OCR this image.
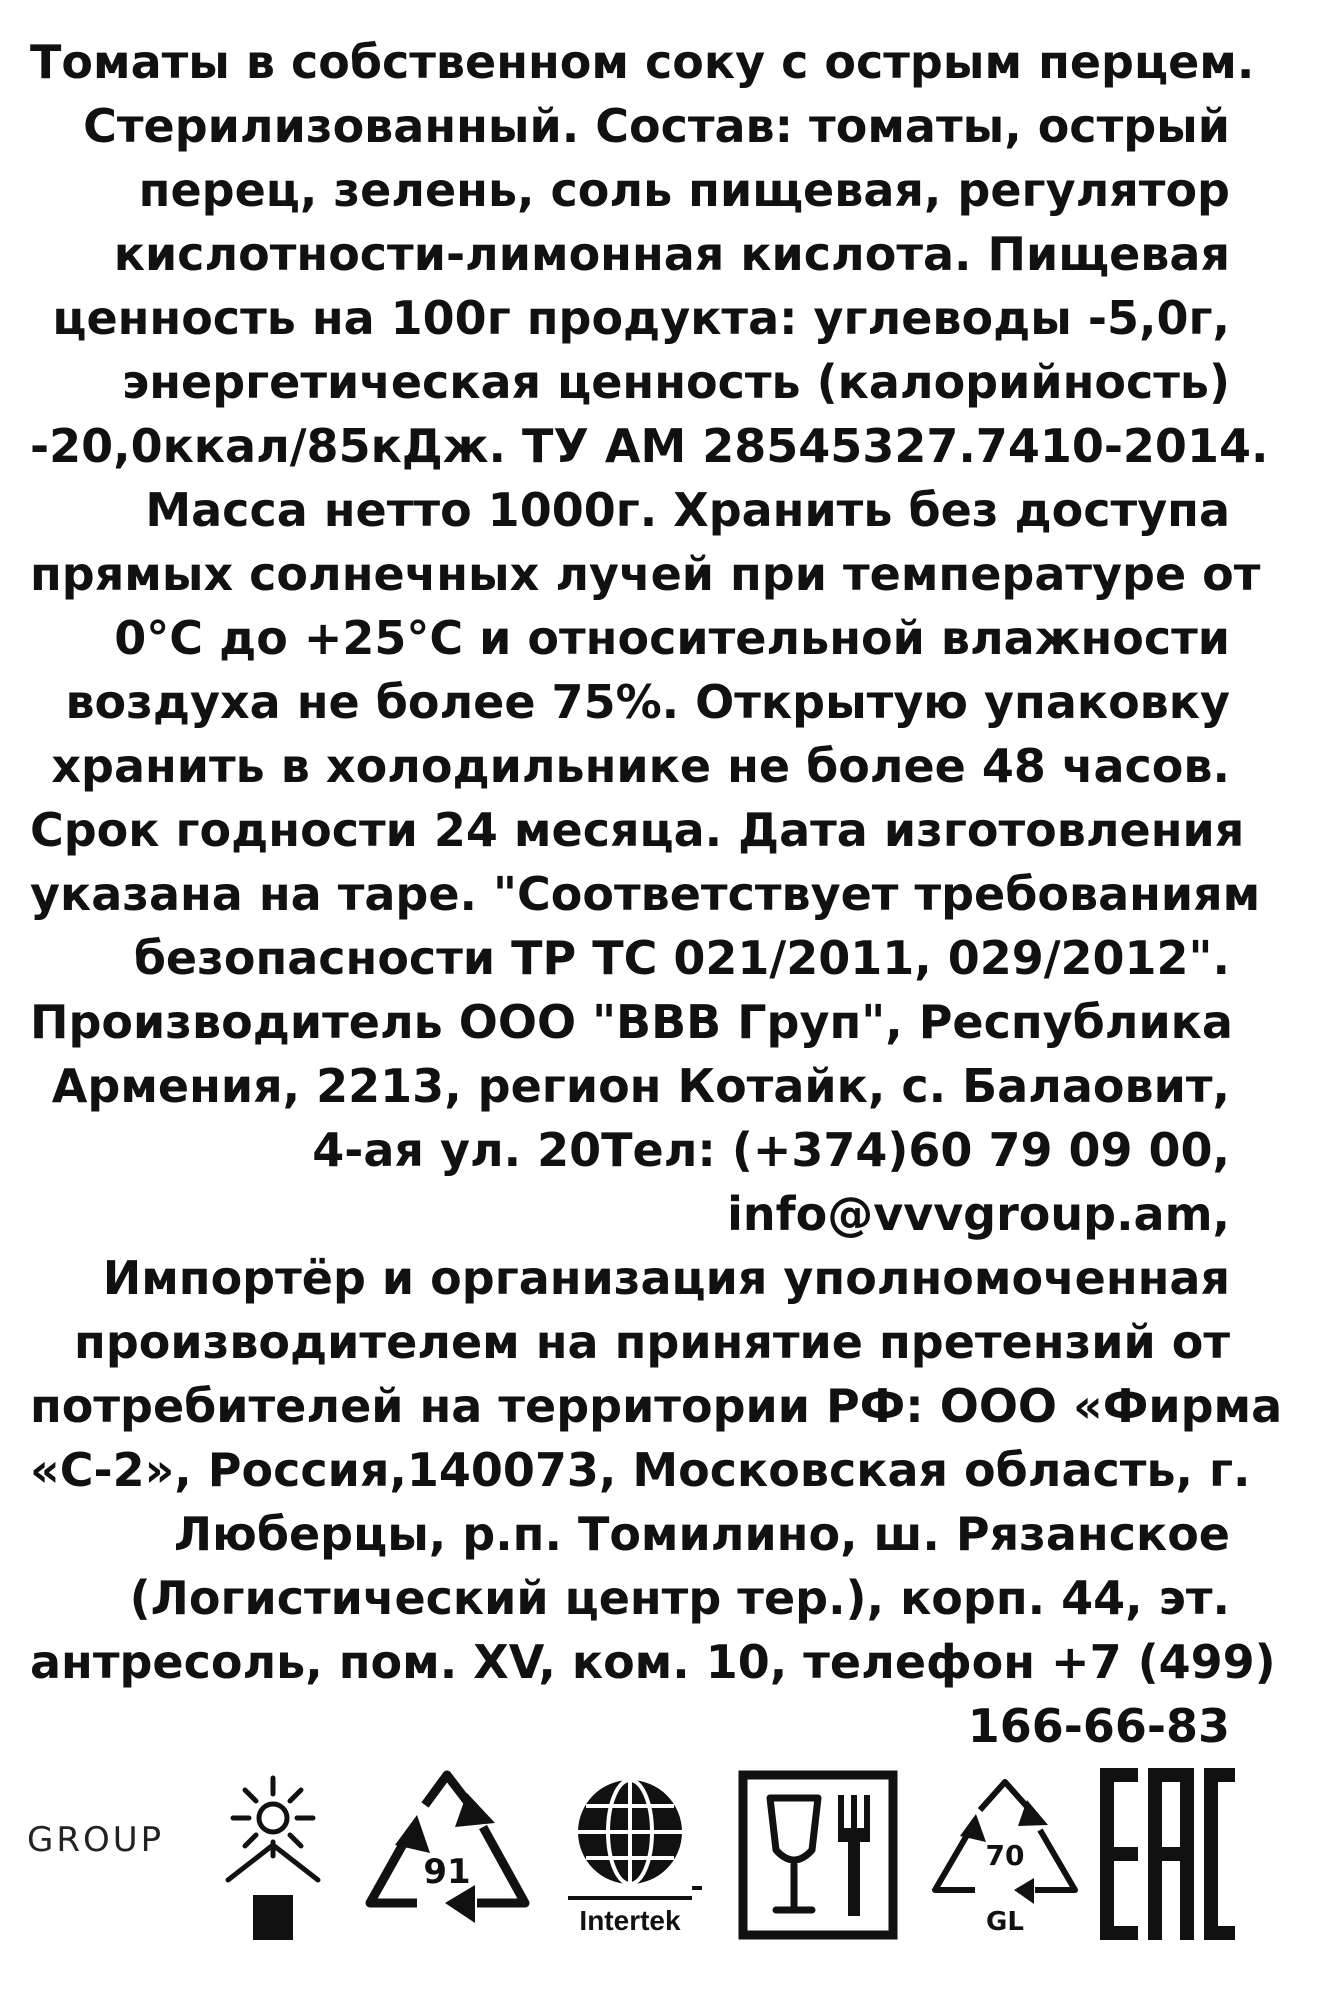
Томаты в собственном соку с острым перцем.
Стерилизованный. Состав: томаты, острый
перец, зелень, соль пищевая, регулятор
кислотности-лимонная кислота. Пищевая
ценность на 100г продукта: углеводы -5,0г,
энергетическая ценность (калорийность)
-20,0ккал/85кДж. ТУ АМ 28545327.7410-2014.
Масса нетто 1000г. Хранить без доступа
прямых солнечных лучей при температуре от
0°C до +25°C и относительной влажности
воздуха не более 75%. Открытую упаковку
хранить в холодильнике не более 48 часов.
Срок годности 24 месяца. Дата изготовления
указана на таре. "Соответствует требованиям
безопасности ТР ТС 021/2011, 029/2012".
Производитель ООО "ВВВ Груп", Республика
Армения, 2213, регион Котайк, с. Балаовит,
4-ая ул. 20Тел: (+374)60 79 09 00,
info@vvvgroup.am,
Импортёр и организация уполномоченная
производителем на принятие претензий от
потребителей на территории РФ: ООО «Фирма
«С-2», Россия,140073, Московская область, г.
Люберцы, р.п. Томилино, ш. Рязанское
(Логистический центр тер.), корп. 44, эт.
антресоль, пом. XV, ком. 10, телефон +7 (499)
166-66-83
GROUP
91
Intertek
70
GL
